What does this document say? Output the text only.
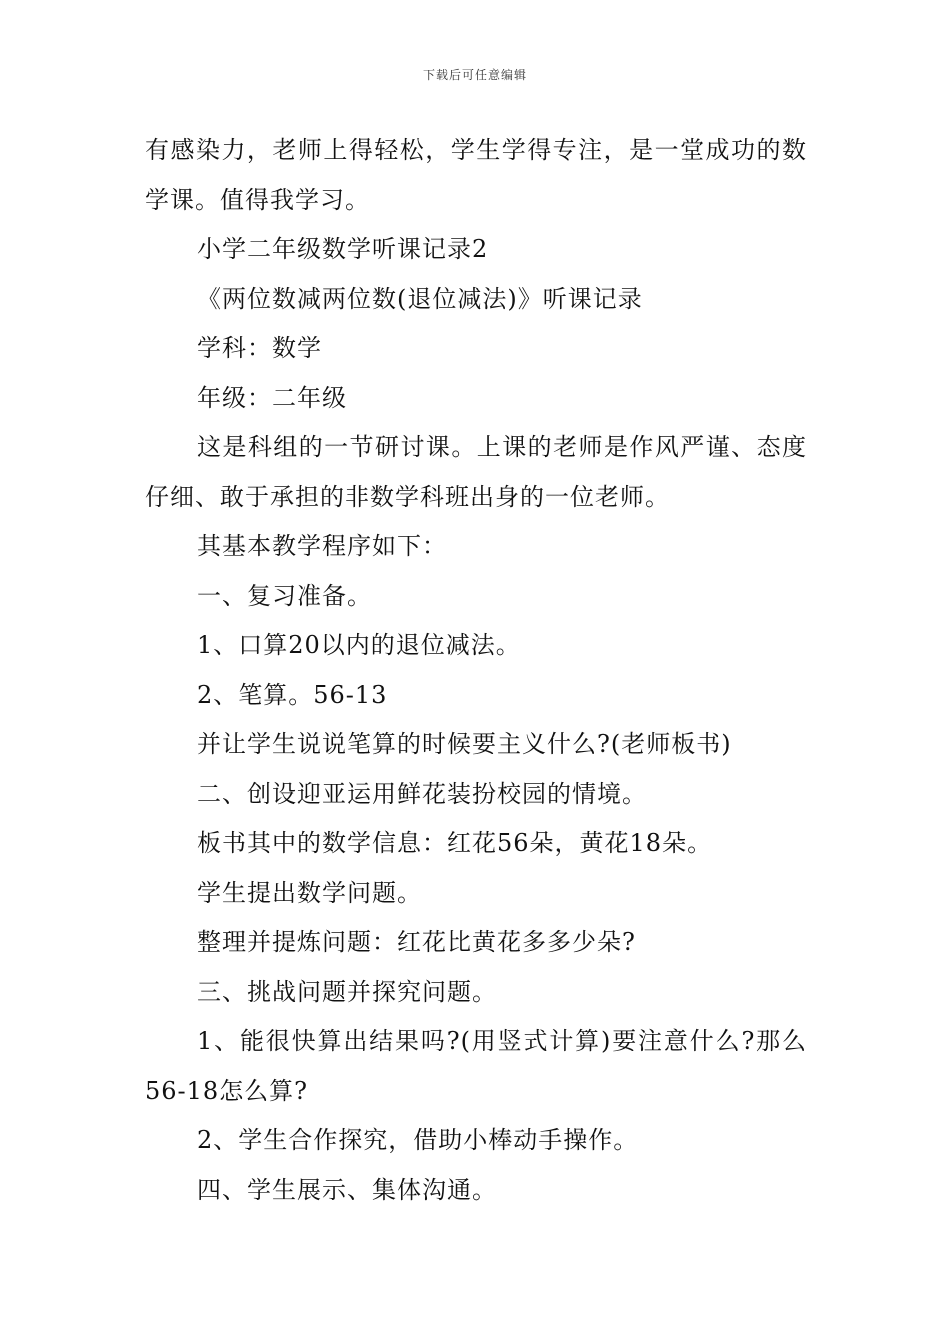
下载后可任意编辑

有感染力，老师上得轻松，学生学得专注，是一堂成功的数学课。值得我学习。

小学二年级数学听课记录2

《两位数减两位数(退位减法)》听课记录

学科：数学

年级：二年级

这是科组的一节研讨课。上课的老师是作风严谨、态度仔细、敢于承担的非数学科班出身的一位老师。

其基本教学程序如下：

一、复习准备。

1、口算20以内的退位减法。

2、笔算。56-13

并让学生说说笔算的时候要主义什么?(老师板书)

二、创设迎亚运用鲜花装扮校园的情境。

板书其中的数学信息：红花56朵，黄花18朵。

学生提出数学问题。

整理并提炼问题：红花比黄花多多少朵?

三、挑战问题并探究问题。

1、能很快算出结果吗?(用竖式计算)要注意什么?那么56-18怎么算?

2、学生合作探究，借助小棒动手操作。

四、学生展示、集体沟通。
